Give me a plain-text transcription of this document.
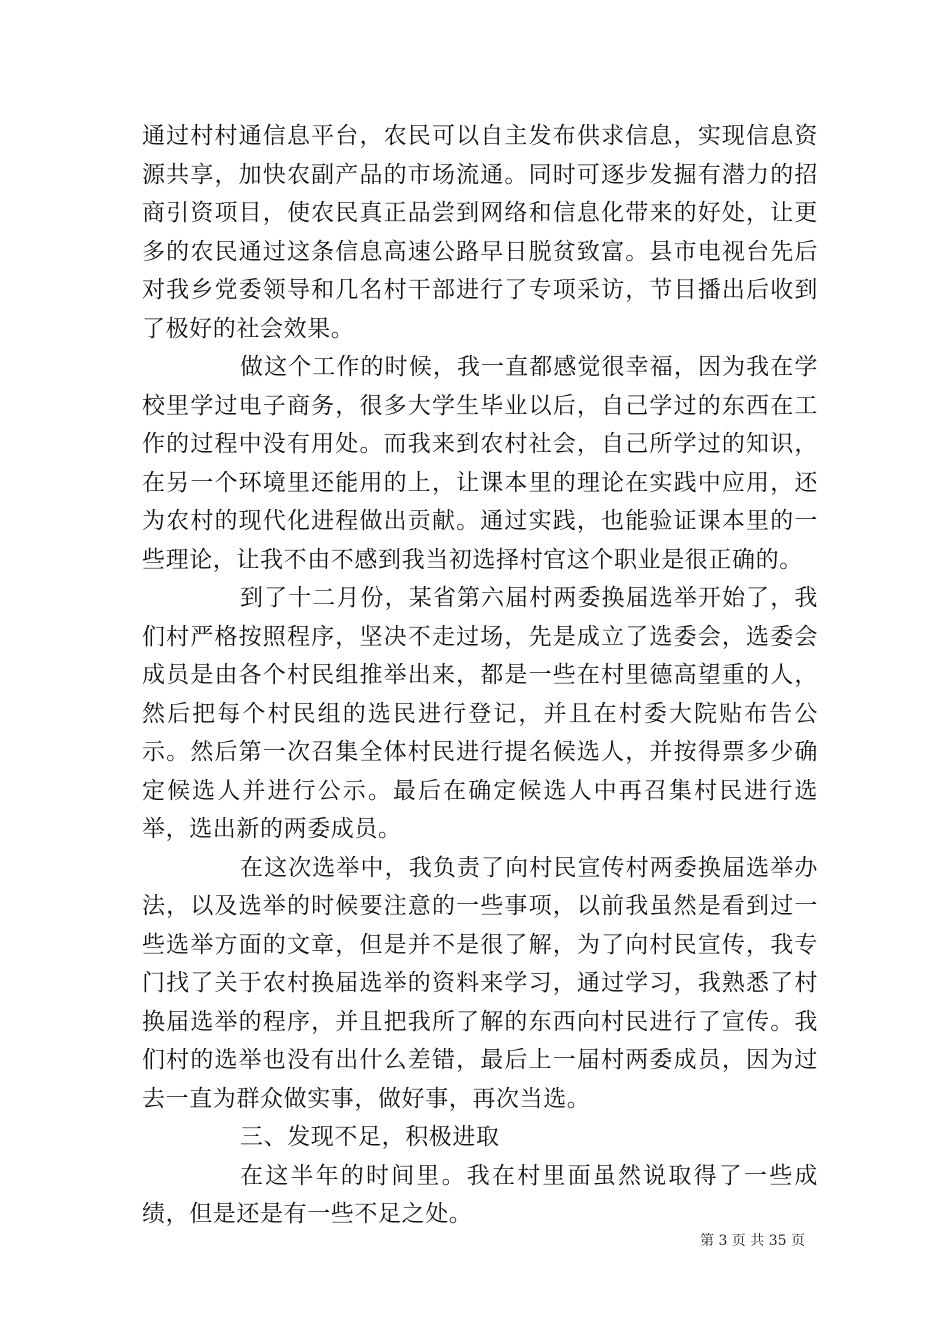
通过村村通信息平台，农民可以自主发布供求信息，实现信息资源共享，加快农副产品的市场流通。同时可逐步发掘有潜力的招商引资项目，使农民真正品尝到网络和信息化带来的好处，让更多的农民通过这条信息高速公路早日脱贫致富。县市电视台先后对我乡党委领导和几名村干部进行了专项采访，节目播出后收到了极好的社会效果。

做这个工作的时候，我一直都感觉很幸福，因为我在学校里学过电子商务，很多大学生毕业以后，自己学过的东西在工作的过程中没有用处。而我来到农村社会，自己所学过的知识，在另一个环境里还能用的上，让课本里的理论在实践中应用，还为农村的现代化进程做出贡献。通过实践，也能验证课本里的一些理论，让我不由不感到我当初选择村官这个职业是很正确的。

到了十二月份，某省第六届村两委换届选举开始了，我们村严格按照程序，坚决不走过场，先是成立了选委会，选委会成员是由各个村民组推举出来，都是一些在村里德高望重的人，然后把每个村民组的选民进行登记，并且在村委大院贴布告公示。然后第一次召集全体村民进行提名候选人，并按得票多少确定候选人并进行公示。最后在确定候选人中再召集村民进行选举，选出新的两委成员。

在这次选举中，我负责了向村民宣传村两委换届选举办法，以及选举的时候要注意的一些事项，以前我虽然是看到过一些选举方面的文章，但是并不是很了解，为了向村民宣传，我专门找了关于农村换届选举的资料来学习，通过学习，我熟悉了村换届选举的程序，并且把我所了解的东西向村民进行了宣传。我们村的选举也没有出什么差错，最后上一届村两委成员，因为过去一直为群众做实事，做好事，再次当选。

三、发现不足，积极进取

在这半年的时间里。我在村里面虽然说取得了一些成绩，但是还是有一些不足之处。

第 3 页 共 35 页
